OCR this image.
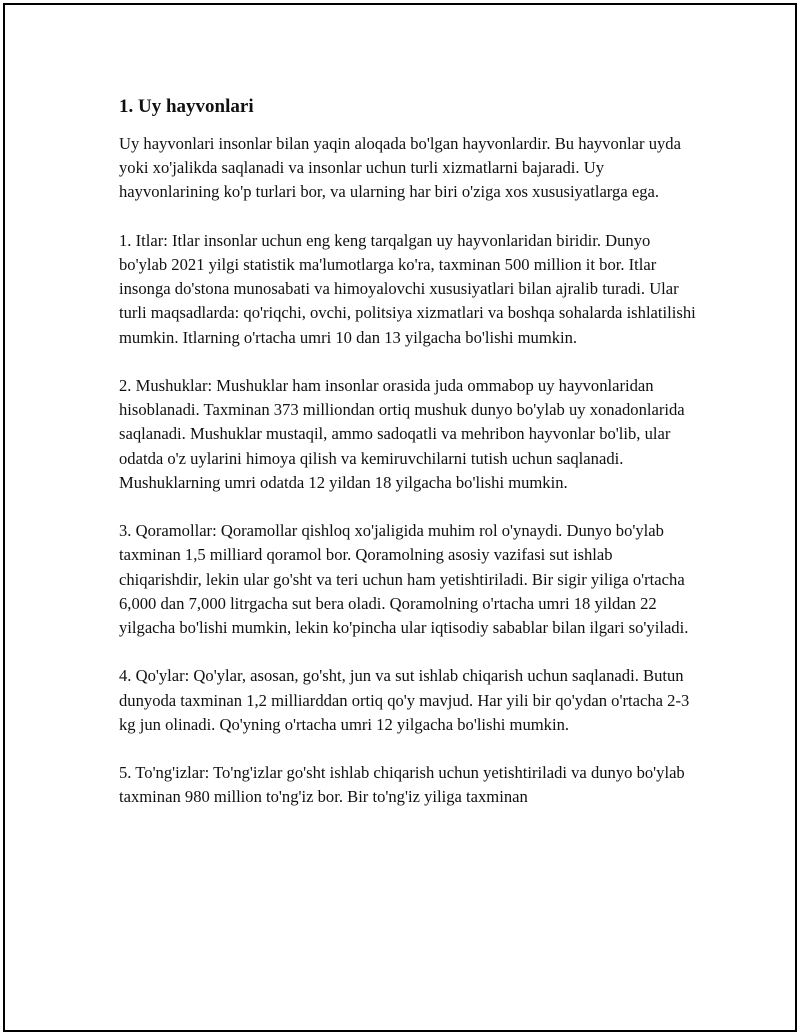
1. Uy hayvonlari

Uy hayvonlari insonlar bilan yaqin aloqada bo'lgan hayvonlardir. Bu hayvonlar uyda yoki xo'jalikda saqlanadi va insonlar uchun turli xizmatlarni bajaradi. Uy hayvonlarining ko'p turlari bor, va ularning har biri o'ziga xos xususiyatlarga ega.

1. Itlar: Itlar insonlar uchun eng keng tarqalgan uy hayvonlaridan biridir. Dunyo bo'ylab 2021 yilgi statistik ma'lumotlarga ko'ra, taxminan 500 million it bor. Itlar insonga do'stona munosabati va himoyalovchi xususiyatlari bilan ajralib turadi. Ular turli maqsadlarda: qo'riqchi, ovchi, politsiya xizmatlari va boshqa sohalarda ishlatilishi mumkin. Itlarning o'rtacha umri 10 dan 13 yilgacha bo'lishi mumkin.

2. Mushuklar: Mushuklar ham insonlar orasida juda ommabop uy hayvonlaridan hisoblanadi. Taxminan 373 milliondan ortiq mushuk dunyo bo'ylab uy xonadonlarida saqlanadi. Mushuklar mustaqil, ammo sadoqatli va mehribon hayvonlar bo'lib, ular odatda o'z uylarini himoya qilish va kemiruvchilarni tutish uchun saqlanadi. Mushuklarning umri odatda 12 yildan 18 yilgacha bo'lishi mumkin.

3. Qoramollar: Qoramollar qishloq xo'jaligida muhim rol o'ynaydi. Dunyo bo'ylab taxminan 1,5 milliard qoramol bor. Qoramolning asosiy vazifasi sut ishlab chiqarishdir, lekin ular go'sht va teri uchun ham yetishtiriladi. Bir sigir yiliga o'rtacha 6,000 dan 7,000 litrgacha sut bera oladi. Qoramolning o'rtacha umri 18 yildan 22 yilgacha bo'lishi mumkin, lekin ko'pincha ular iqtisodiy sabablar bilan ilgari so'yiladi.

4. Qo'ylar: Qo'ylar, asosan, go'sht, jun va sut ishlab chiqarish uchun saqlanadi. Butun dunyoda taxminan 1,2 milliarddan ortiq qo'y mavjud. Har yili bir qo'ydan o'rtacha 2-3 kg jun olinadi. Qo'yning o'rtacha umri 12 yilgacha bo'lishi mumkin.

5. To'ng'izlar: To'ng'izlar go'sht ishlab chiqarish uchun yetishtiriladi va dunyo bo'ylab taxminan 980 million to'ng'iz bor. Bir to'ng'iz yiliga taxminan
